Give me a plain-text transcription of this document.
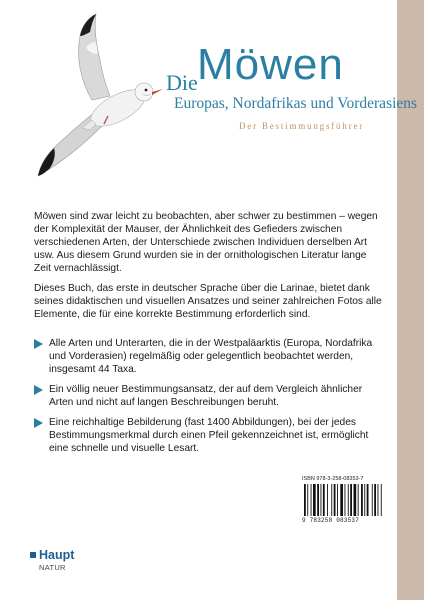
Die Möwen
Europas, Nordafrikas und Vorderasiens
Der Bestimmungsführer

Möwen sind zwar leicht zu beobachten, aber schwer zu bestimmen – wegen der Komplexität der Mauser, der Ähnlichkeit des Gefieders zwischen verschiedenen Arten, der Unterschiede zwischen Individuen derselben Art usw. Aus diesem Grund wurden sie in der ornithologischen Literatur lange Zeit vernachlässigt.

Dieses Buch, das erste in deutscher Sprache über die Larinae, bietet dank seines didaktischen und visuellen Ansatzes und seiner zahlreichen Fotos alle Elemente, die für eine korrekte Bestimmung erforderlich sind.

Alle Arten und Unterarten, die in der Westpaläarktis (Europa, Nordafrika und Vorderasien) regelmäßig oder gelegentlich beobachtet werden, insgesamt 44 Taxa.
Ein völlig neuer Bestimmungsansatz, der auf dem Vergleich ähnlicher Arten und nicht auf langen Beschreibungen beruht.
Eine reichhaltige Bebilderung (fast 1400 Abbildungen), bei der jedes Bestimmungsmerkmal durch einen Pfeil gekennzeichnet ist, ermöglicht eine schnelle und visuelle Lesart.
ISBN 978-3-258-08353-7
9 783258 083537
Haupt
NATUR
